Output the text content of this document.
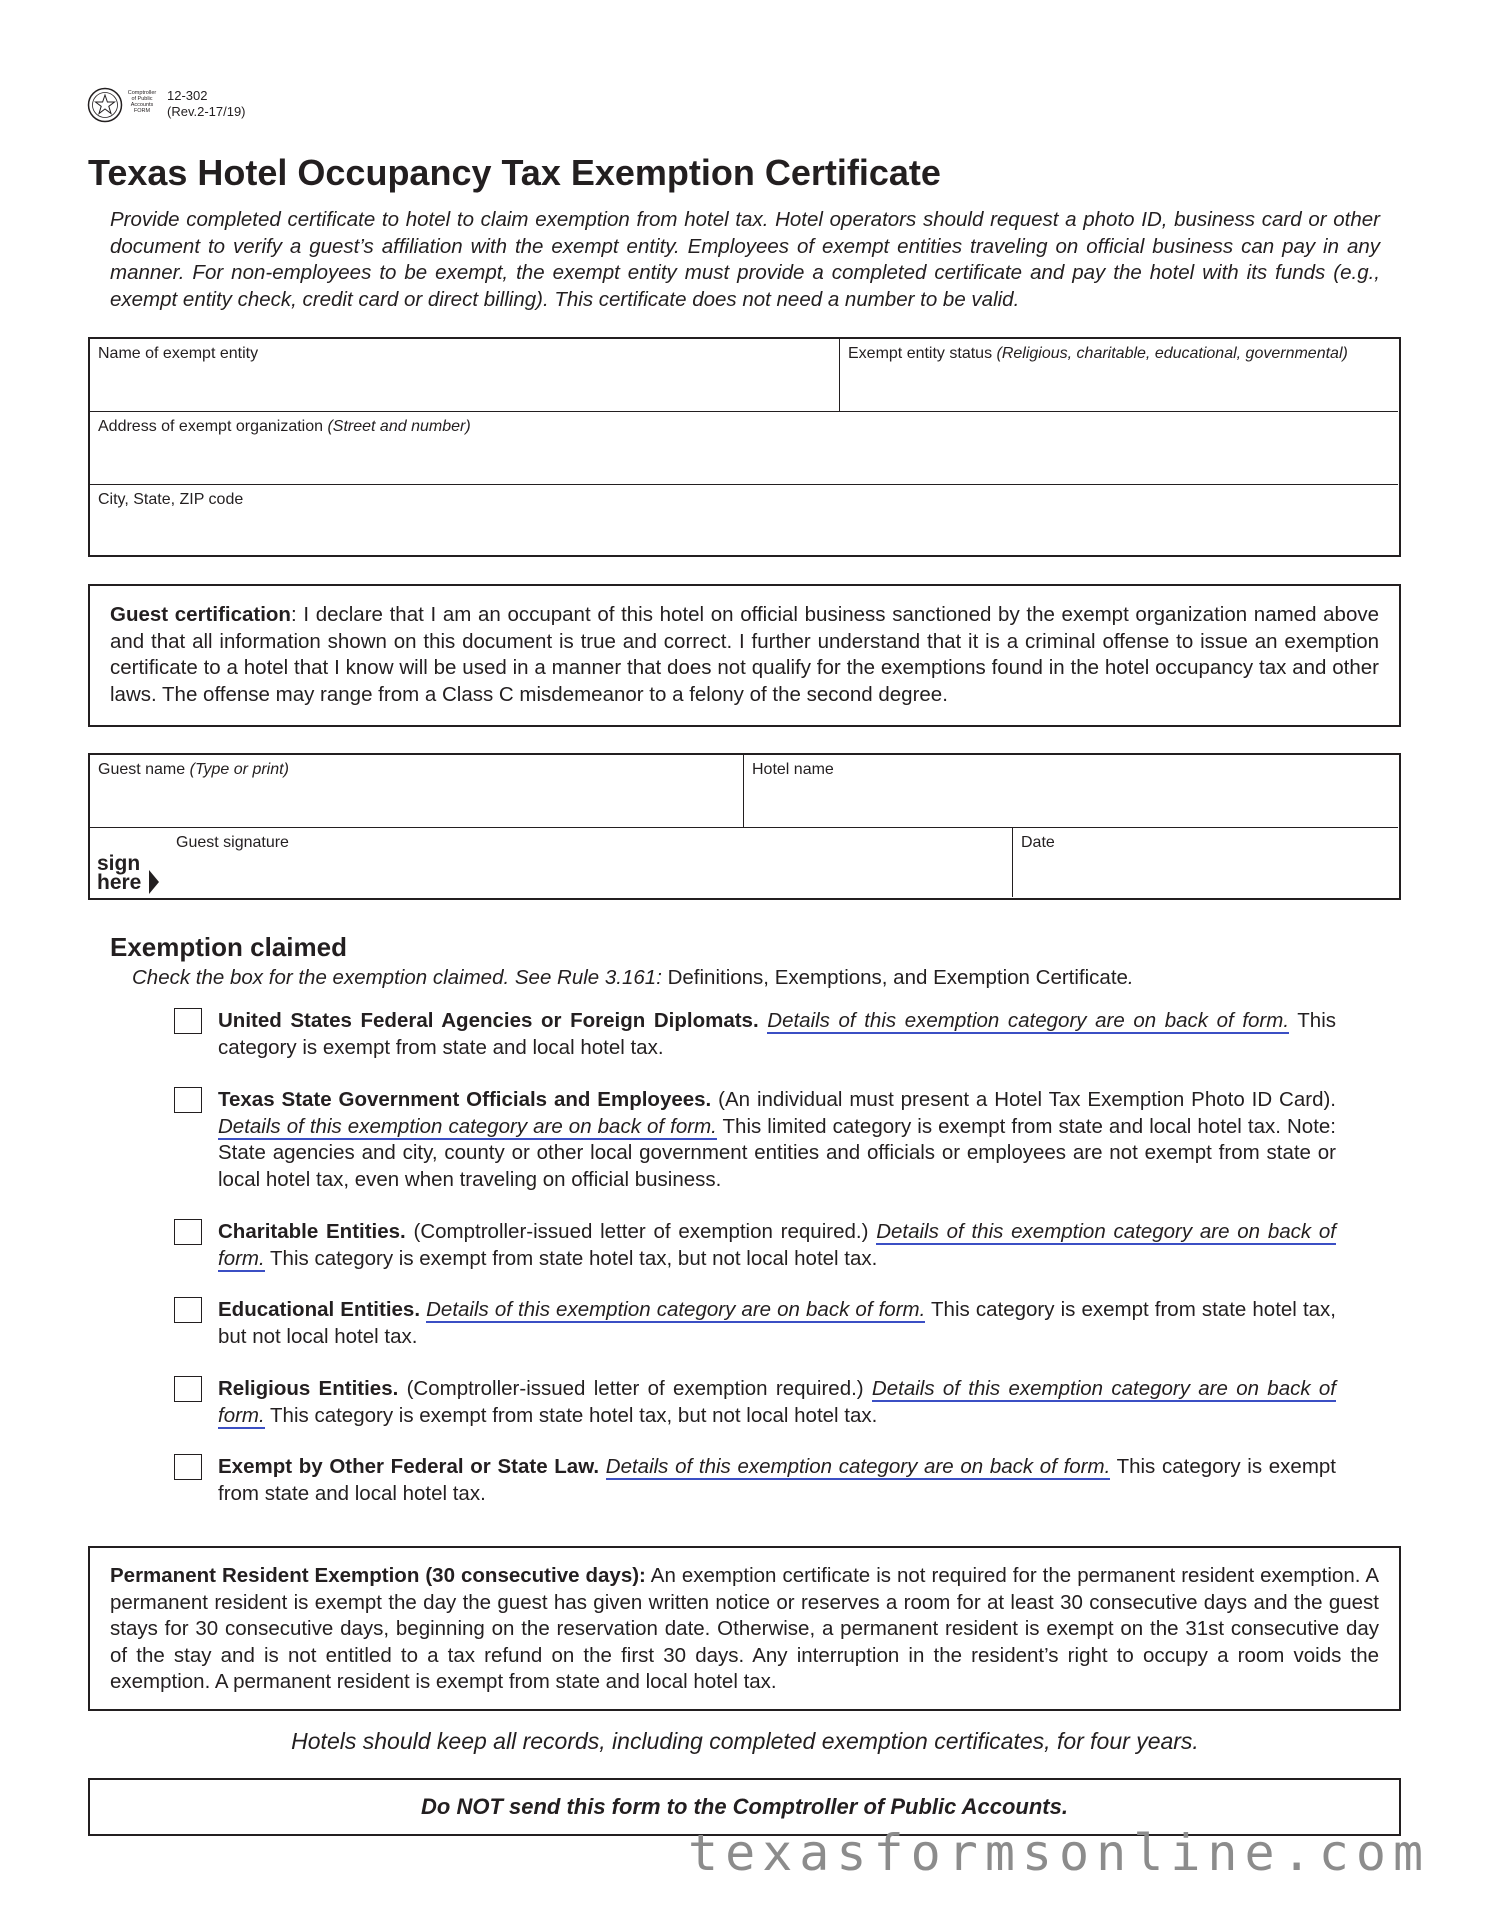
Comptroller
of Public
Accounts
FORM
12-302
(Rev.2-17/19)
Texas Hotel Occupancy Tax Exemption Certificate

Provide completed certificate to hotel to claim exemption from hotel tax. Hotel operators should request a photo ID, business card or other document to verify a guest’s affiliation with the exempt entity. Employees of exempt entities traveling on official business can pay in any manner. For non-employees to be exempt, the exempt entity must provide a completed certificate and pay the hotel with its funds (e.g., exempt entity check, credit card or direct billing). This certificate does not need a number to be valid.

Name of exempt entity	Exempt entity status (Religious, charitable, educational, governmental)
Address of exempt organization (Street and number)
City, State, ZIP code
Guest certification: I declare that I am an occupant of this hotel on official business sanctioned by the exempt organization named above and that all information shown on this document is true and correct. I further understand that it is a criminal offense to issue an exemption certificate to a hotel that I know will be used in a manner that does not qualify for the exemptions found in the hotel occupancy tax and other laws. The offense may range from a Class C misdemeanor to a felony of the second degree.
Guest name (Type or print)	Hotel name
Guest signature	Date
sign
here
Exemption claimed
Check the box for the exemption claimed. See Rule 3.161: Definitions, Exemptions, and Exemption Certificate.
United States Federal Agencies or Foreign Diplomats. Details of this exemption category are on back of form. This category is exempt from state and local hotel tax.
Texas State Government Officials and Employees. (An individual must present a Hotel Tax Exemption Photo ID Card). Details of this exemption category are on back of form. This limited category is exempt from state and local hotel tax. Note: State agencies and city, county or other local government entities and officials or employees are not exempt from state or local hotel tax, even when traveling on official business.
Charitable Entities. (Comptroller-issued letter of exemption required.) Details of this exemption category are on back of form. This category is exempt from state hotel tax, but not local hotel tax.
Educational Entities. Details of this exemption category are on back of form. This category is exempt from state hotel tax, but not local hotel tax.
Religious Entities. (Comptroller-issued letter of exemption required.) Details of this exemption category are on back of form. This category is exempt from state hotel tax, but not local hotel tax.
Exempt by Other Federal or State Law. Details of this exemption category are on back of form. This category is exempt from state and local hotel tax.
Permanent Resident Exemption (30 consecutive days): An exemption certificate is not required for the permanent resident exemption. A permanent resident is exempt the day the guest has given written notice or reserves a room for at least 30 consecutive days and the guest stays for 30 consecutive days, beginning on the reservation date. Otherwise, a permanent resident is exempt on the 31st consecutive day of the stay and is not entitled to a tax refund on the first 30 days. Any interruption in the resident’s right to occupy a room voids the exemption. A permanent resident is exempt from state and local hotel tax.
Hotels should keep all records, including completed exemption certificates, for four years.
Do NOT send this form to the Comptroller of Public Accounts.
texasformsonline.com
